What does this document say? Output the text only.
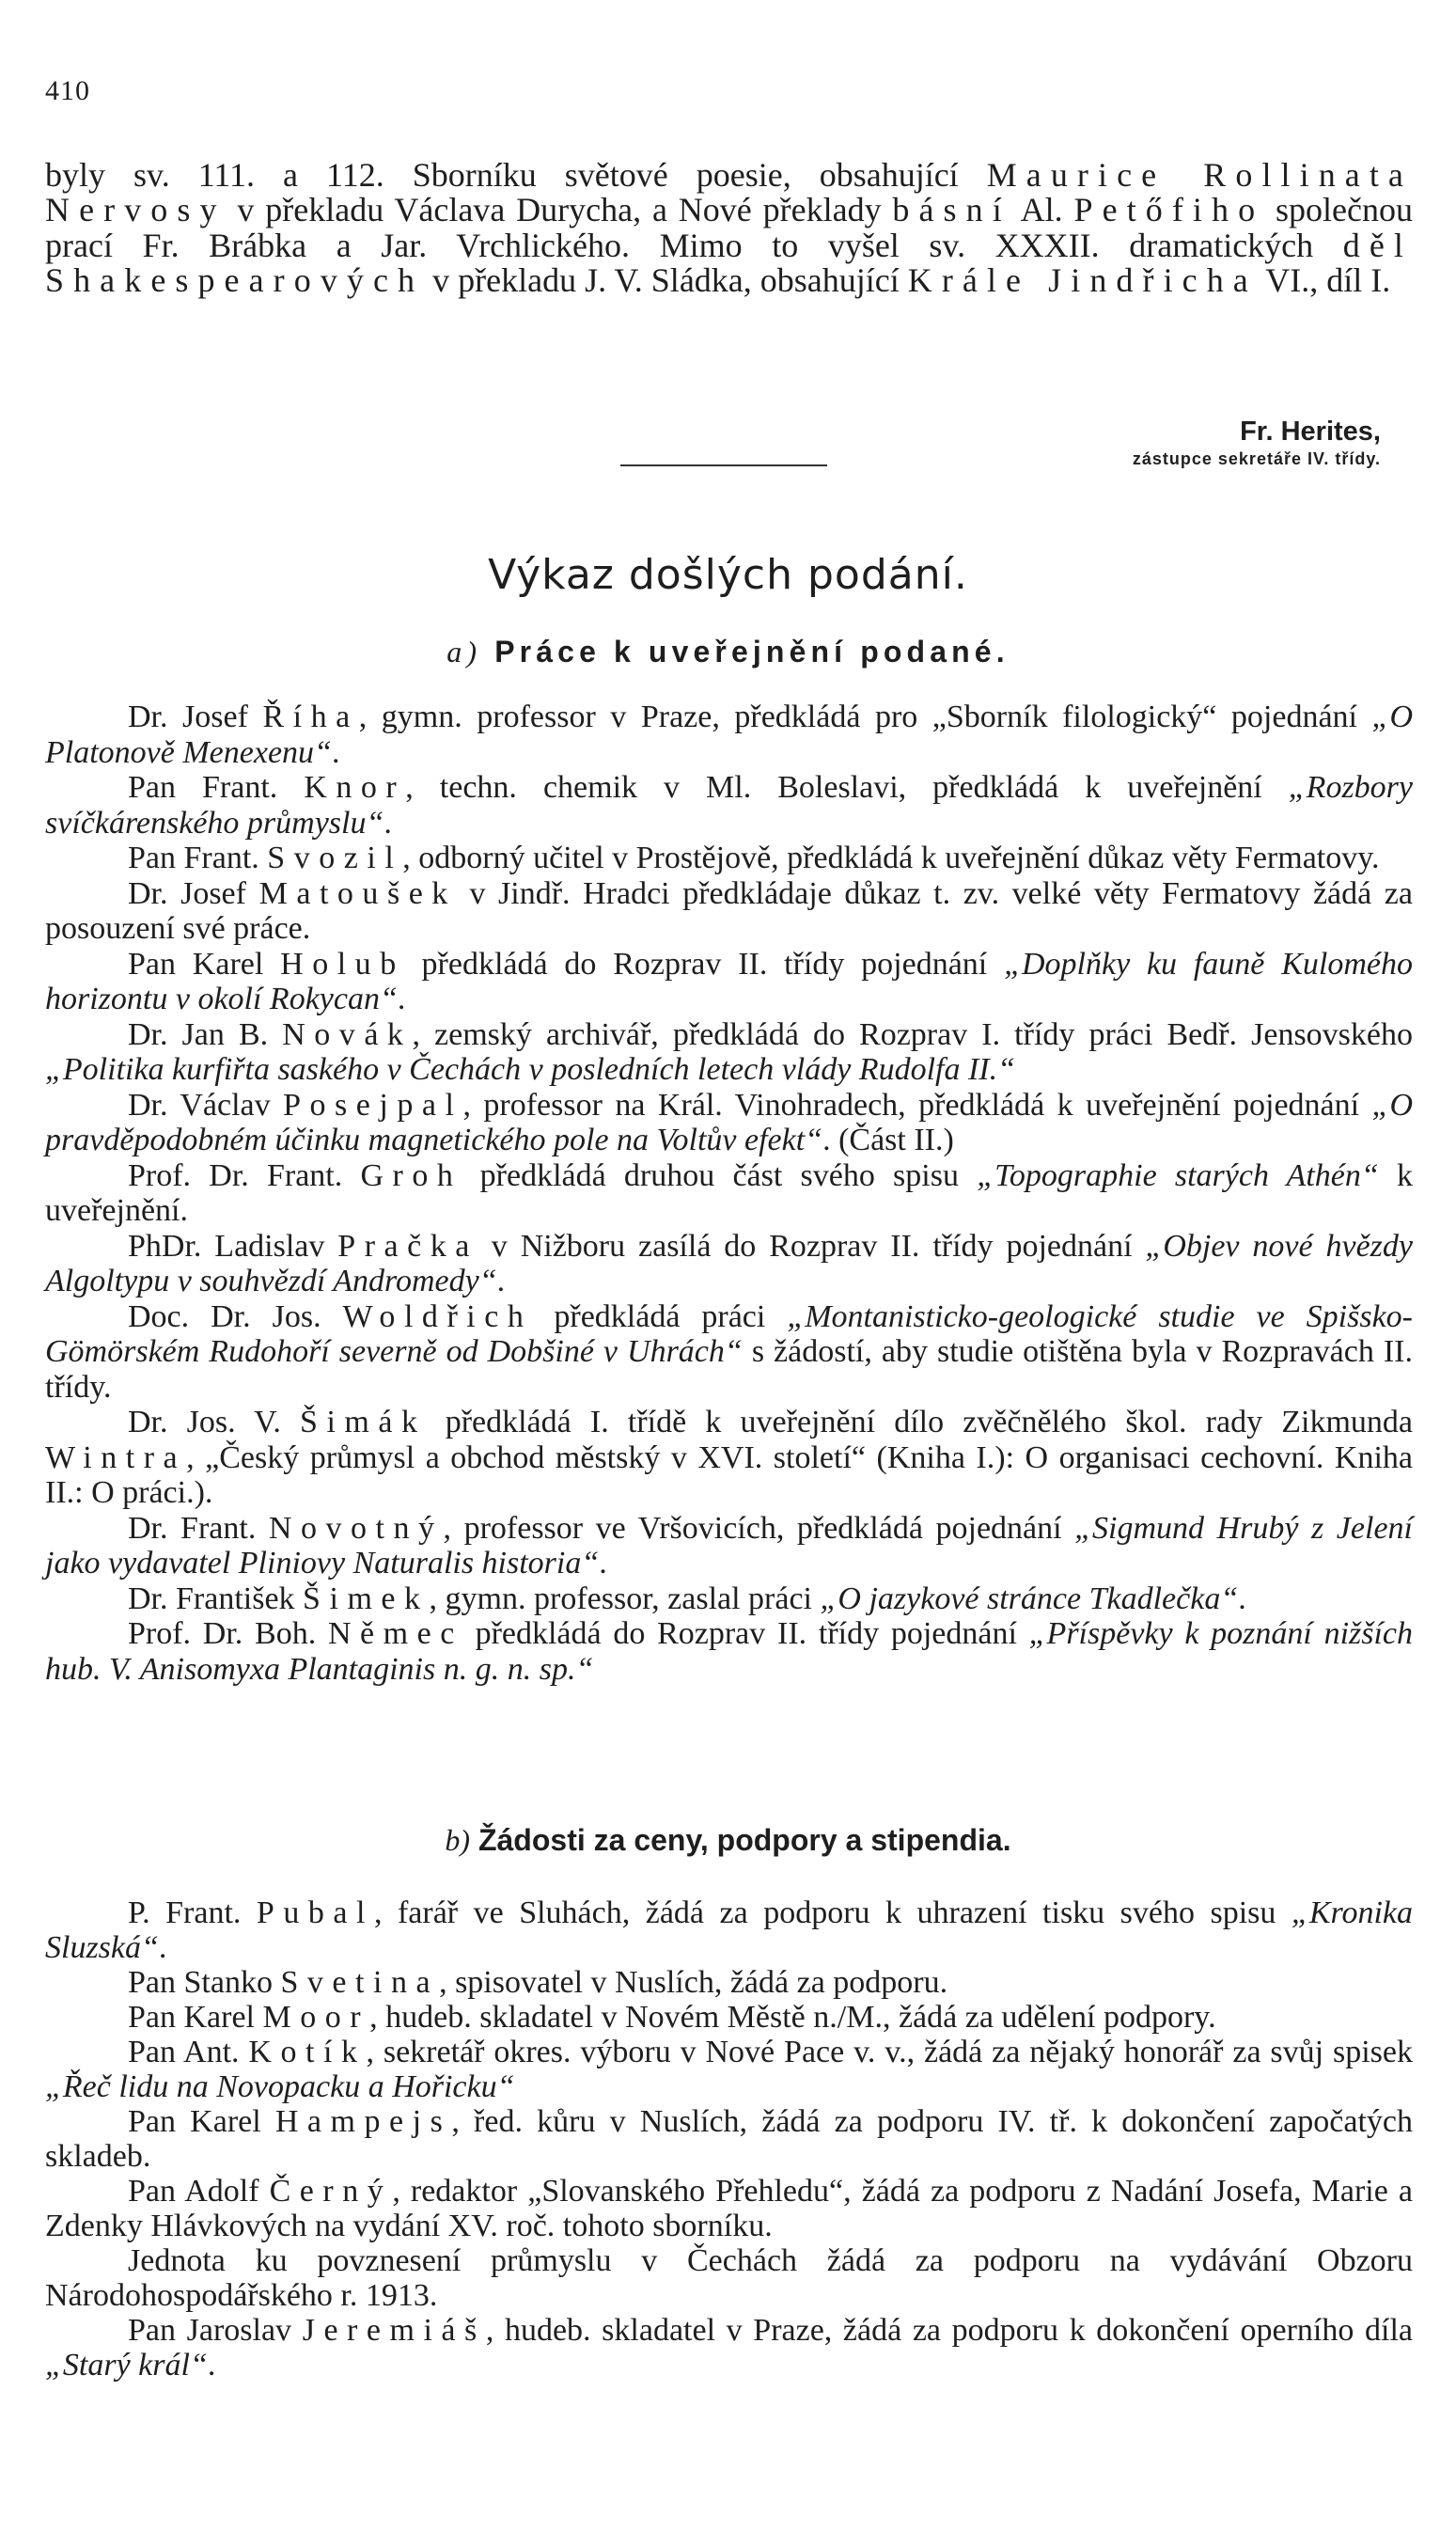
410

byly sv. 111. a 112. Sborníku světové poesie, obsahující Maurice Rollinata Nervosy v překladu Václava Durycha, a Nové překlady básní Al. Petőfiho společnou prací Fr. Brábka a Jar. Vrchlického. Mimo to vyšel sv. XXXII. dramatických děl Shakespearových v překladu J. V. Sládka, obsahující Krále Jindřicha VI., díl I.

Fr. Herites,
zástupce sekretáře IV. třídy.
Výkaz došlých podání.
a) Práce k uveřejnění podané.

Dr. Josef Říha, gymn. professor v Praze, předkládá pro „Sborník filologický“ pojednání „O Platonově Menexenu“.

Pan Frant. Knor, techn. chemik v Ml. Boleslavi, předkládá k uveřejnění „Rozbory svíčkárenského průmyslu“.

Pan Frant. Svozil, odborný učitel v Prostějově, předkládá k uveřejnění důkaz věty Fermatovy.

Dr. Josef Matoušek v Jindř. Hradci předkládaje důkaz t. zv. velké věty Fermatovy žádá za posouzení své práce.

Pan Karel Holub předkládá do Rozprav II. třídy pojednání „Doplňky ku fauně Kulomého horizontu v okolí Rokycan“.

Dr. Jan B. Novák, zemský archivář, předkládá do Rozprav I. třídy práci Bedř. Jensovského „Politika kurfiřta saského v Čechách v posledních letech vlády Rudolfa II.“

Dr. Václav Posejpal, professor na Král. Vinohradech, předkládá k uveřejnění pojednání „O pravděpodobném účinku magnetického pole na Voltův efekt“. (Část II.)

Prof. Dr. Frant. Groh předkládá druhou část svého spisu „Topographie starých Athén“ k uveřejnění.

PhDr. Ladislav Pračka v Nižboru zasílá do Rozprav II. třídy pojednání „Objev nové hvězdy Algoltypu v souhvězdí Andromedy“.

Doc. Dr. Jos. Woldřich předkládá práci „Montanisticko-geologické studie ve Spišsko-Gömörském Rudohoří severně od Dobšiné v Uhrách“ s žádostí, aby studie otištěna byla v Rozpravách II. třídy.

Dr. Jos. V. Šimák předkládá I. třídě k uveřejnění dílo zvěčnělého škol. rady Zikmunda Wintra, „Český průmysl a obchod městský v XVI. století“ (Kniha I.): O organisaci cechovní. Kniha II.: O práci.).

Dr. Frant. Novotný, professor ve Vršovicích, předkládá pojednání „Sigmund Hrubý z Jelení jako vydavatel Pliniovy Naturalis historia“.

Dr. František Šimek, gymn. professor, zaslal práci „O jazykové stránce Tkadlečka“.

Prof. Dr. Boh. Němec předkládá do Rozprav II. třídy pojednání „Příspěvky k poznání nižších hub. V. Anisomyxa Plantaginis n. g. n. sp.“

b) Žádosti za ceny, podpory a stipendia.

P. Frant. Pubal, farář ve Sluhách, žádá za podporu k uhrazení tisku svého spisu „Kronika Sluzská“.

Pan Stanko Svetina, spisovatel v Nuslích, žádá za podporu.

Pan Karel Moor, hudeb. skladatel v Novém Městě n./M., žádá za udělení podpory.

Pan Ant. Kotík, sekretář okres. výboru v Nové Pace v. v., žádá za nějaký honorář za svůj spisek „Řeč lidu na Novopacku a Hořicku“

Pan Karel Hampejs, řed. kůru v Nuslích, žádá za podporu IV. tř. k dokončení započatých skladeb.

Pan Adolf Černý, redaktor „Slovanského Přehledu“, žádá za podporu z Nadání Josefa, Marie a Zdenky Hlávkových na vydání XV. roč. tohoto sborníku.

Jednota ku povznesení průmyslu v Čechách žádá za podporu na vydávání Obzoru Národohospodářského r. 1913.

Pan Jaroslav Jeremiáš, hudeb. skladatel v Praze, žádá za podporu k dokončení operního díla „Starý král“.
